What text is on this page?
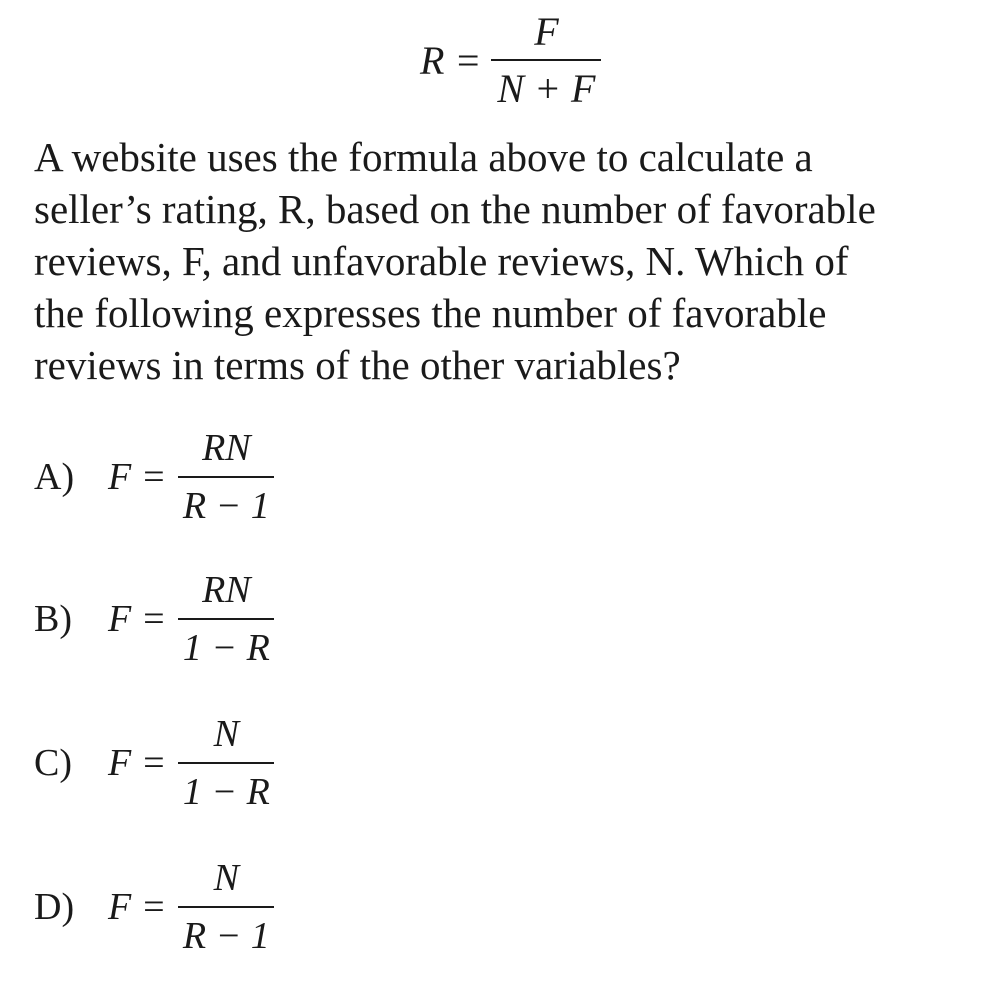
$R = \frac{F}{N + F}$

A website uses the formula above to calculate a
seller’s rating, R, based on the number of favorable
reviews, F, and unfavorable reviews, N. Which of
the following expresses the number of favorable
reviews in terms of the other variables?

A) $F = \frac{RN}{R - 1}$
B) $F = \frac{RN}{1 - R}$
C) $F = \frac{N}{1 - R}$
D) $F = \frac{N}{R - 1}$
